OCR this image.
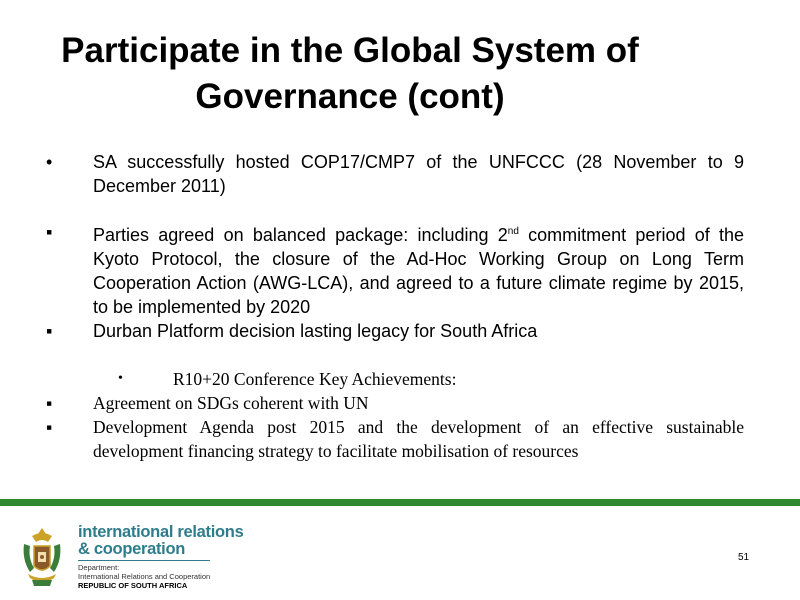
Participate in the Global System of Governance (cont)
• SA successfully hosted COP17/CMP7 of the UNFCCC (28 November to 9 December 2011)
▪ Parties agreed on balanced package: including 2nd commitment period of the Kyoto Protocol, the closure of the Ad-Hoc Working Group on Long Term Cooperation Action (AWG-LCA), and agreed to a future climate regime by 2015, to be implemented by 2020
▪ Durban Platform decision lasting legacy for South Africa
•	R10+20 Conference Key Achievements:
▪ Agreement on SDGs coherent with UN
▪ Development Agenda post 2015 and the development of an effective sustainable development financing strategy to facilitate mobilisation of resources
international relations
& cooperation
Department:
International Relations and Cooperation
REPUBLIC OF SOUTH AFRICA
51
